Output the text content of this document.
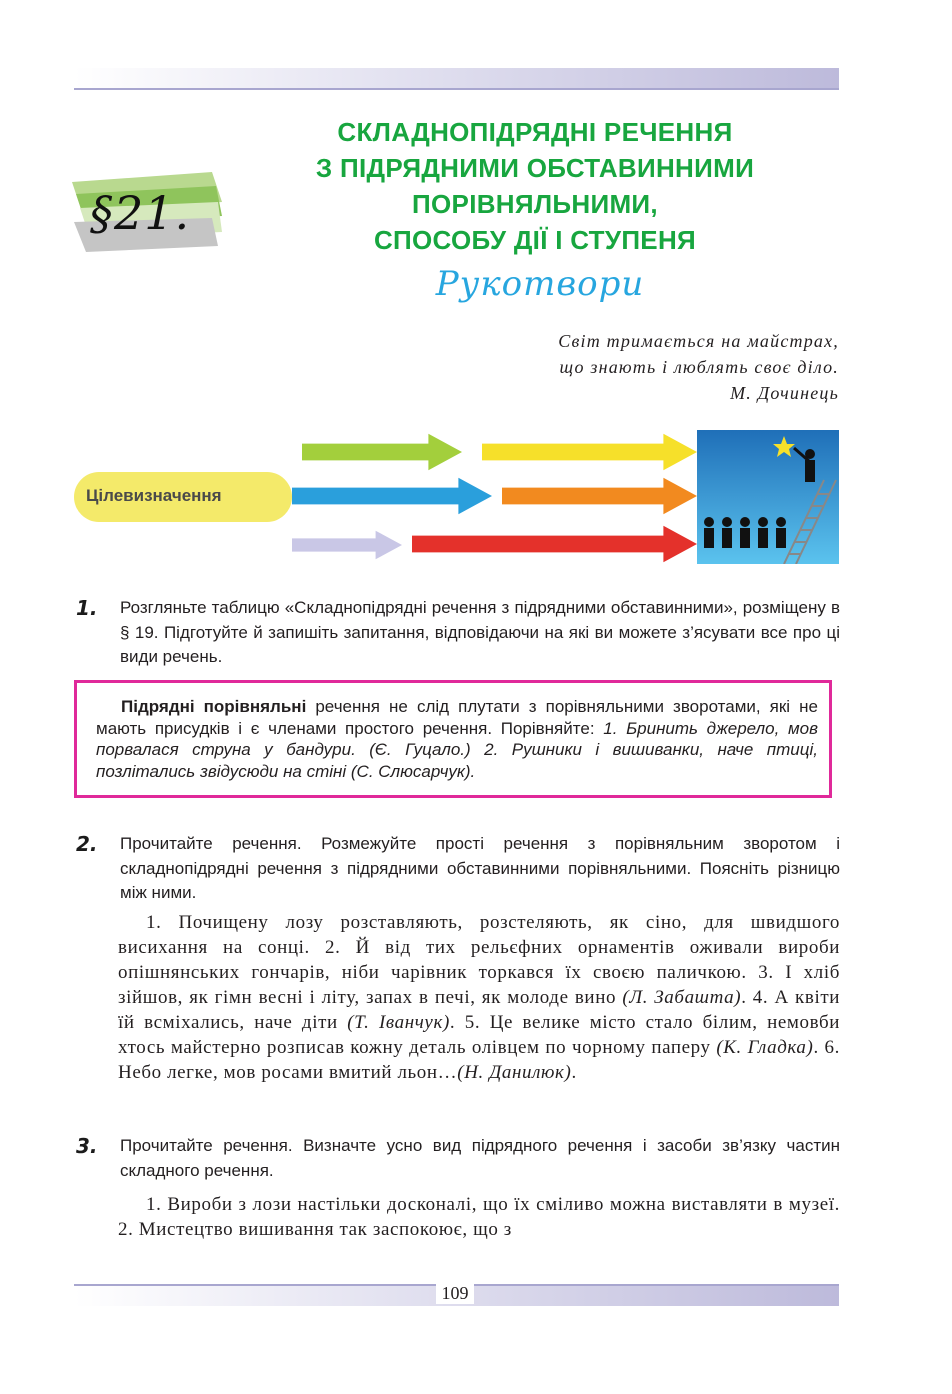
§21.
СКЛАДНОПІДРЯДНІ РЕЧЕННЯ
З ПІДРЯДНИМИ ОБСТАВИННИМИ
ПОРІВНЯЛЬНИМИ,
СПОСОБУ ДІЇ І СТУПЕНЯ
Рукотвори
Світ тримається на майстрах,
що знають і люблять своє діло.
М. Дочинець
Цілевизначення
1. Розгляньте таблицю «Складнопідрядні речення з підрядними обставинними», розміщену в § 19. Підготуйте й запишіть запитання, відповідаючи на які ви можете з’ясувати все про ці види речень.
Підрядні порівняльні речення не слід плутати з порівняльними зворотами, які не мають присудків і є членами простого речення. Порівняйте: 1. Бринить джерело, мов порвалася струна у бандури. (Є. Гуцало.) 2. Рушники і вишиванки, наче птиці, позлітались звідусюди на стіні (С. Слюсарчук).
2. Прочитайте речення. Розмежуйте прості речення з порівняльним зворотом і складнопідрядні речення з підрядними обставинними порівняльними. Поясніть різницю між ними.
1. Почищену лозу розставляють, розстеляють, як сіно, для швидшого висихання на сонці. 2. Й від тих рельєфних орнаментів оживали вироби опішнянських гончарів, ніби чарівник торкався їх своєю паличкою. 3. І хліб зійшов, як гімн весні і літу, запах в печі, як молоде вино (Л. Забашта). 4. А квіти їй всміхались, наче діти (Т. Іванчук). 5. Це велике місто стало білим, немовби хтось майстерно розписав кожну деталь олівцем по чорному паперу (К. Гладка). 6. Небо легке, мов росами вмитий льон…(Н. Данилюк).
3. Прочитайте речення. Визначте усно вид підрядного речення і засоби зв’язку частин складного речення.
1. Вироби з лози настільки досконалі, що їх сміливо можна виставляти в музеї. 2. Мистецтво вишивання так заспокоює, що з
109
